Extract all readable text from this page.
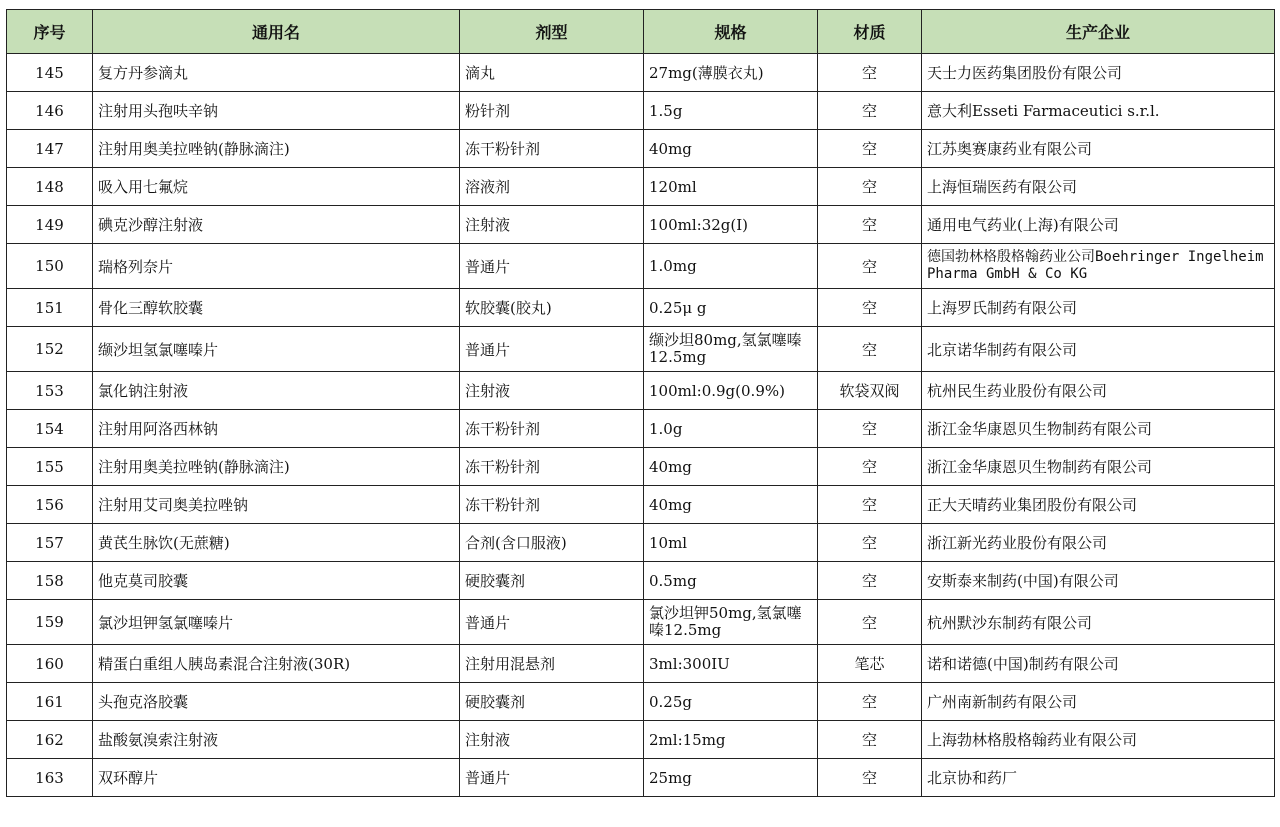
序号	通用名	剂型	规格	材质	生产企业
145	复方丹参滴丸	滴丸	27mg(薄膜衣丸)	空	天士力医药集团股份有限公司
146	注射用头孢呋辛钠	粉针剂	1.5g	空	意大利Esseti Farmaceutici s.r.l.
147	注射用奥美拉唑钠(静脉滴注)	冻干粉针剂	40mg	空	江苏奥赛康药业有限公司
148	吸入用七氟烷	溶液剂	120ml	空	上海恒瑞医药有限公司
149	碘克沙醇注射液	注射液	100ml:32g(I)	空	通用电气药业(上海)有限公司
150	瑞格列奈片	普通片	1.0mg	空	德国勃林格殷格翰药业公司Boehringer Ingelheim Pharma GmbH & Co KG
151	骨化三醇软胶囊	软胶囊(胶丸)	0.25μ g	空	上海罗氏制药有限公司
152	缬沙坦氢氯噻嗪片	普通片	缬沙坦80mg,氢氯噻嗪12.5mg	空	北京诺华制药有限公司
153	氯化钠注射液	注射液	100ml:0.9g(0.9%)	软袋双阀	杭州民生药业股份有限公司
154	注射用阿洛西林钠	冻干粉针剂	1.0g	空	浙江金华康恩贝生物制药有限公司
155	注射用奥美拉唑钠(静脉滴注)	冻干粉针剂	40mg	空	浙江金华康恩贝生物制药有限公司
156	注射用艾司奥美拉唑钠	冻干粉针剂	40mg	空	正大天晴药业集团股份有限公司
157	黄芪生脉饮(无蔗糖)	合剂(含口服液)	10ml	空	浙江新光药业股份有限公司
158	他克莫司胶囊	硬胶囊剂	0.5mg	空	安斯泰来制药(中国)有限公司
159	氯沙坦钾氢氯噻嗪片	普通片	氯沙坦钾50mg,氢氯噻嗪12.5mg	空	杭州默沙东制药有限公司
160	精蛋白重组人胰岛素混合注射液(30R)	注射用混悬剂	3ml:300IU	笔芯	诺和诺德(中国)制药有限公司
161	头孢克洛胶囊	硬胶囊剂	0.25g	空	广州南新制药有限公司
162	盐酸氨溴索注射液	注射液	2ml:15mg	空	上海勃林格殷格翰药业有限公司
163	双环醇片	普通片	25mg	空	北京协和药厂
